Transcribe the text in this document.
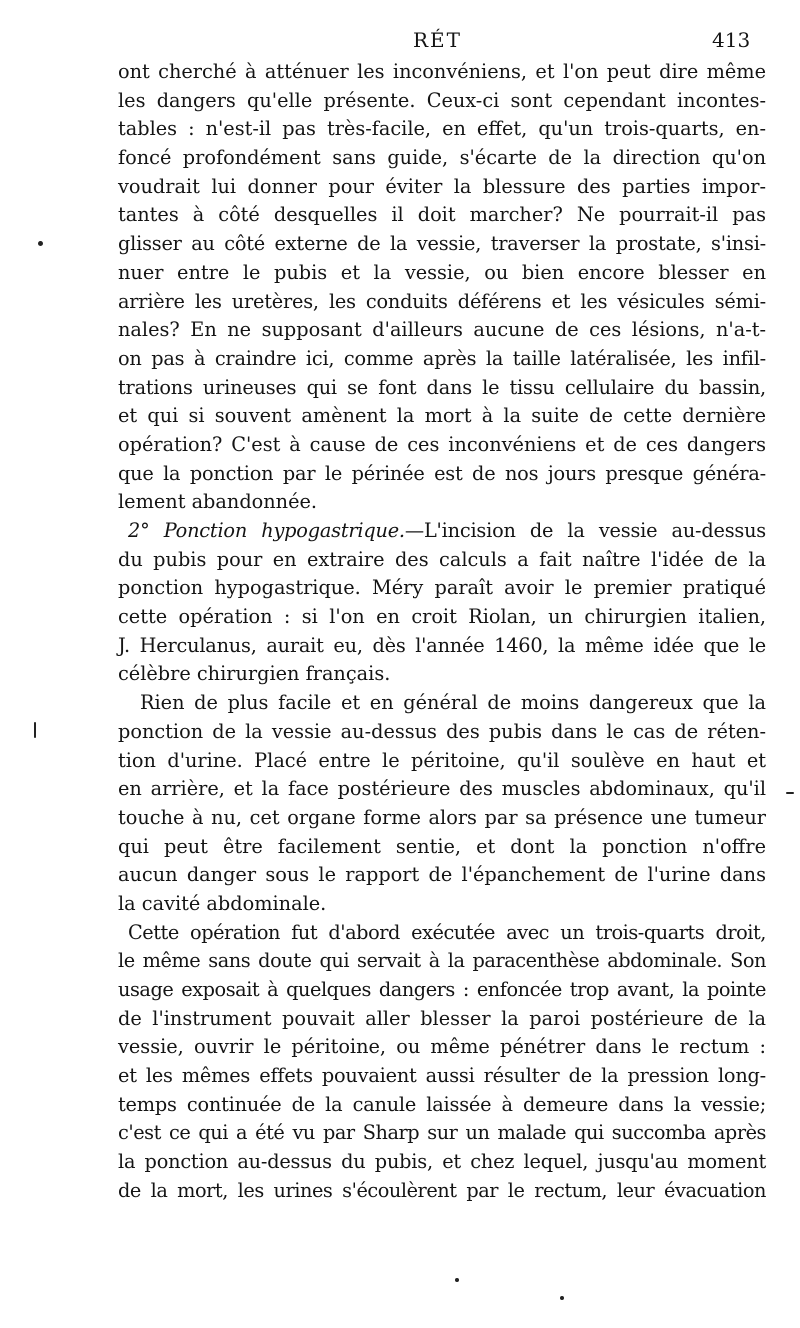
RÉT	413
ont cherché à atténuer les inconvéniens, et l'on peut dire même
les dangers qu'elle présente. Ceux-ci sont cependant incontes-
tables : n'est-il pas très-facile, en effet, qu'un trois-quarts, en-
foncé profondément sans guide, s'écarte de la direction qu'on
voudrait lui donner pour éviter la blessure des parties impor-
tantes à côté desquelles il doit marcher? Ne pourrait-il pas
glisser au côté externe de la vessie, traverser la prostate, s'insi-
nuer entre le pubis et la vessie, ou bien encore blesser en
arrière les uretères, les conduits déférens et les vésicules sémi-
nales? En ne supposant d'ailleurs aucune de ces lésions, n'a-t-
on pas à craindre ici, comme après la taille latéralisée, les infil-
trations urineuses qui se font dans le tissu cellulaire du bassin,
et qui si souvent amènent la mort à la suite de cette dernière
opération? C'est à cause de ces inconvéniens et de ces dangers
que la ponction par le périnée est de nos jours presque généra-
lement abandonnée.
2° Ponction hypogastrique.—L'incision de la vessie au-dessus
du pubis pour en extraire des calculs a fait naître l'idée de la
ponction hypogastrique. Méry paraît avoir le premier pratiqué
cette opération : si l'on en croit Riolan, un chirurgien italien,
J. Herculanus, aurait eu, dès l'année 1460, la même idée que le
célèbre chirurgien français.
Rien de plus facile et en général de moins dangereux que la
ponction de la vessie au-dessus des pubis dans le cas de réten-
tion d'urine. Placé entre le péritoine, qu'il soulève en haut et
en arrière, et la face postérieure des muscles abdominaux, qu'il
touche à nu, cet organe forme alors par sa présence une tumeur
qui peut être facilement sentie, et dont la ponction n'offre
aucun danger sous le rapport de l'épanchement de l'urine dans
la cavité abdominale.
Cette opération fut d'abord exécutée avec un trois-quarts droit,
le même sans doute qui servait à la paracenthèse abdominale. Son
usage exposait à quelques dangers : enfoncée trop avant, la pointe
de l'instrument pouvait aller blesser la paroi postérieure de la
vessie, ouvrir le péritoine, ou même pénétrer dans le rectum :
et les mêmes effets pouvaient aussi résulter de la pression long-
temps continuée de la canule laissée à demeure dans la vessie;
c'est ce qui a été vu par Sharp sur un malade qui succomba après
la ponction au-dessus du pubis, et chez lequel, jusqu'au moment
de la mort, les urines s'écoulèrent par le rectum, leur évacuation
